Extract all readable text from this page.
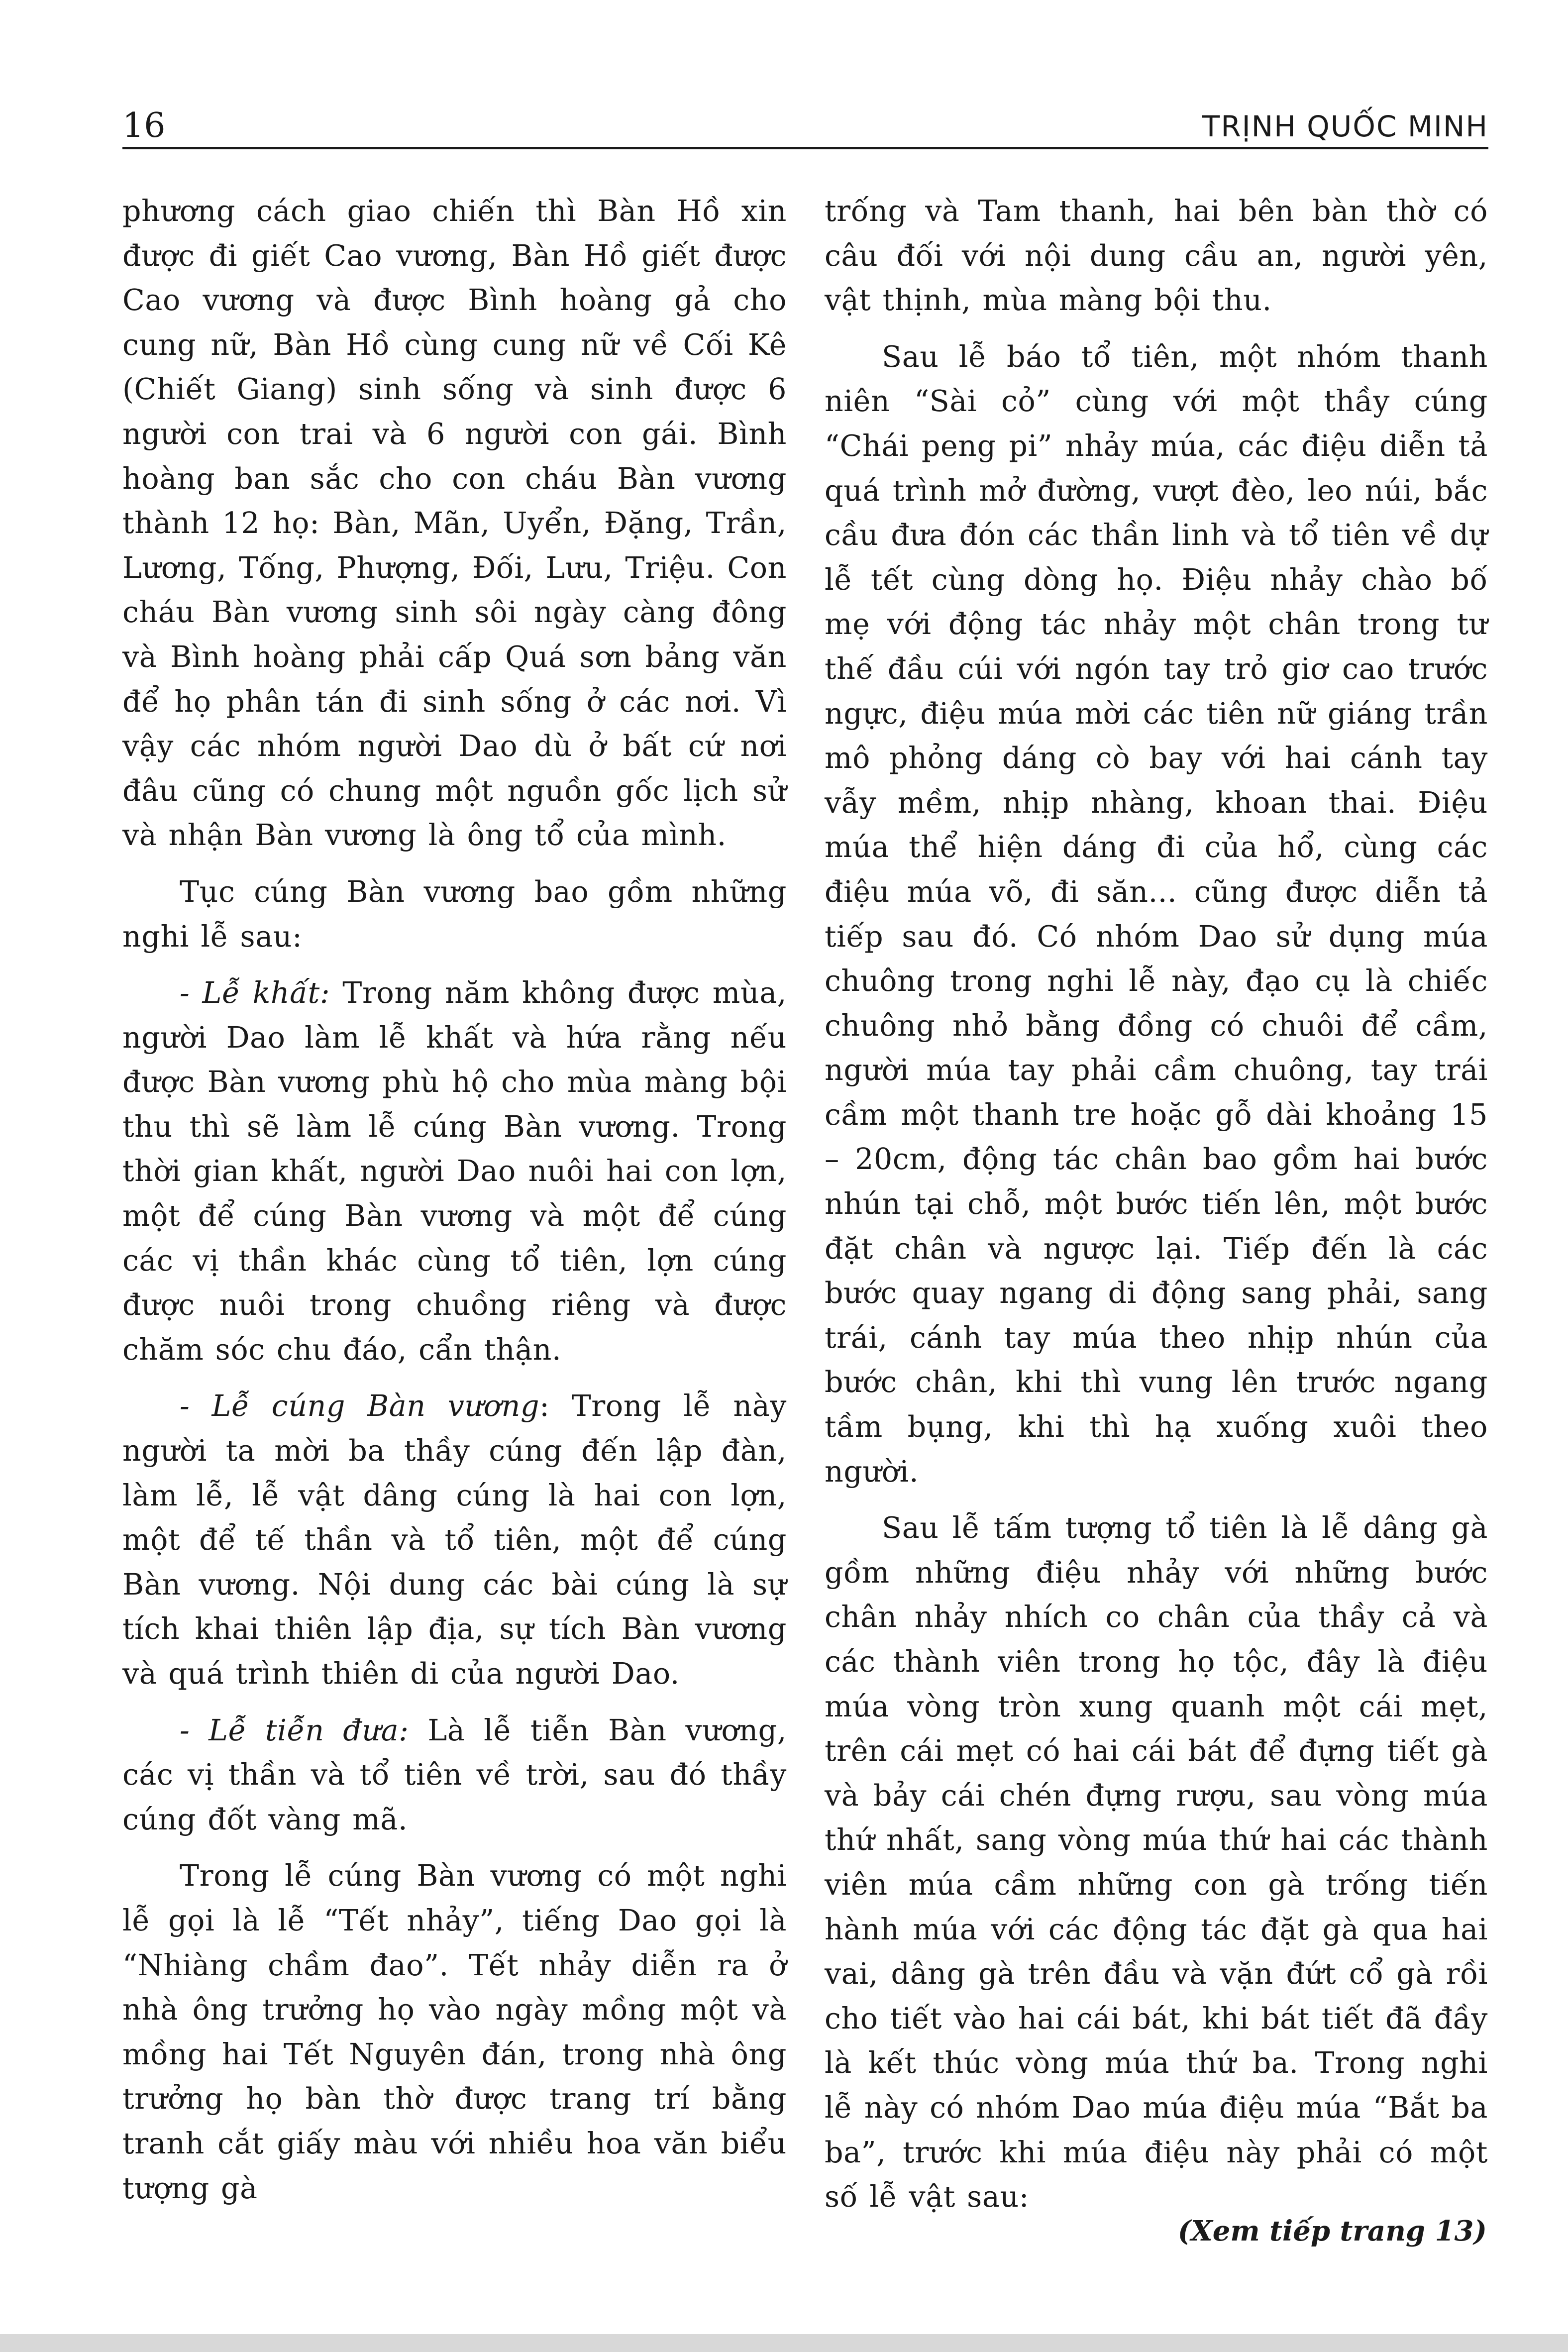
16	TRỊNH QUỐC MINH

phương cách giao chiến thì Bàn Hồ xin được đi giết Cao vương, Bàn Hồ giết được Cao vương và được Bình hoàng gả cho cung nữ, Bàn Hồ cùng cung nữ về Cối Kê (Chiết Giang) sinh sống và sinh được 6 người con trai và 6 người con gái. Bình hoàng ban sắc cho con cháu Bàn vương thành 12 họ: Bàn, Mãn, Uyển, Đặng, Trần, Lương, Tống, Phượng, Đối, Lưu, Triệu. Con cháu Bàn vương sinh sôi ngày càng đông và Bình hoàng phải cấp Quá sơn bảng văn để họ phân tán đi sinh sống ở các nơi. Vì vậy các nhóm người Dao dù ở bất cứ nơi đâu cũng có chung một nguồn gốc lịch sử và nhận Bàn vương là ông tổ của mình.

Tục cúng Bàn vương bao gồm những nghi lễ sau:

- Lễ khất: Trong năm không được mùa, người Dao làm lễ khất và hứa rằng nếu được Bàn vương phù hộ cho mùa màng bội thu thì sẽ làm lễ cúng Bàn vương. Trong thời gian khất, người Dao nuôi hai con lợn, một để cúng Bàn vương và một để cúng các vị thần khác cùng tổ tiên, lợn cúng được nuôi trong chuồng riêng và được chăm sóc chu đáo, cẩn thận.

- Lễ cúng Bàn vương: Trong lễ này người ta mời ba thầy cúng đến lập đàn, làm lễ, lễ vật dâng cúng là hai con lợn, một để tế thần và tổ tiên, một để cúng Bàn vương. Nội dung các bài cúng là sự tích khai thiên lập địa, sự tích Bàn vương và quá trình thiên di của người Dao.

- Lễ tiễn đưa: Là lễ tiễn Bàn vương, các vị thần và tổ tiên về trời, sau đó thầy cúng đốt vàng mã.

Trong lễ cúng Bàn vương có một nghi lễ gọi là lễ “Tết nhảy”, tiếng Dao gọi là “Nhiàng chầm đao”. Tết nhảy diễn ra ở nhà ông trưởng họ vào ngày mồng một và mồng hai Tết Nguyên đán, trong nhà ông trưởng họ bàn thờ được trang trí bằng tranh cắt giấy màu với nhiều hoa văn biểu tượng gà

trống và Tam thanh, hai bên bàn thờ có câu đối với nội dung cầu an, người yên, vật thịnh, mùa màng bội thu.

Sau lễ báo tổ tiên, một nhóm thanh niên “Sài cỏ” cùng với một thầy cúng “Chái peng pi” nhảy múa, các điệu diễn tả quá trình mở đường, vượt đèo, leo núi, bắc cầu đưa đón các thần linh và tổ tiên về dự lễ tết cùng dòng họ. Điệu nhảy chào bố mẹ với động tác nhảy một chân trong tư thế đầu cúi với ngón tay trỏ giơ cao trước ngực, điệu múa mời các tiên nữ giáng trần mô phỏng dáng cò bay với hai cánh tay vẫy mềm, nhịp nhàng, khoan thai. Điệu múa thể hiện dáng đi của hổ, cùng các điệu múa võ, đi săn... cũng được diễn tả tiếp sau đó. Có nhóm Dao sử dụng múa chuông trong nghi lễ này, đạo cụ là chiếc chuông nhỏ bằng đồng có chuôi để cầm, người múa tay phải cầm chuông, tay trái cầm một thanh tre hoặc gỗ dài khoảng 15 – 20cm, động tác chân bao gồm hai bước nhún tại chỗ, một bước tiến lên, một bước đặt chân và ngược lại. Tiếp đến là các bước quay ngang di động sang phải, sang trái, cánh tay múa theo nhịp nhún của bước chân, khi thì vung lên trước ngang tầm bụng, khi thì hạ xuống xuôi theo người.

Sau lễ tấm tượng tổ tiên là lễ dâng gà gồm những điệu nhảy với những bước chân nhảy nhích co chân của thầy cả và các thành viên trong họ tộc, đây là điệu múa vòng tròn xung quanh một cái mẹt, trên cái mẹt có hai cái bát để đựng tiết gà và bảy cái chén đựng rượu, sau vòng múa thứ nhất, sang vòng múa thứ hai các thành viên múa cầm những con gà trống tiến hành múa với các động tác đặt gà qua hai vai, dâng gà trên đầu và vặn đứt cổ gà rồi cho tiết vào hai cái bát, khi bát tiết đã đầy là kết thúc vòng múa thứ ba. Trong nghi lễ này có nhóm Dao múa điệu múa “Bắt ba ba”, trước khi múa điệu này phải có một số lễ vật sau:

(Xem tiếp trang 13)
